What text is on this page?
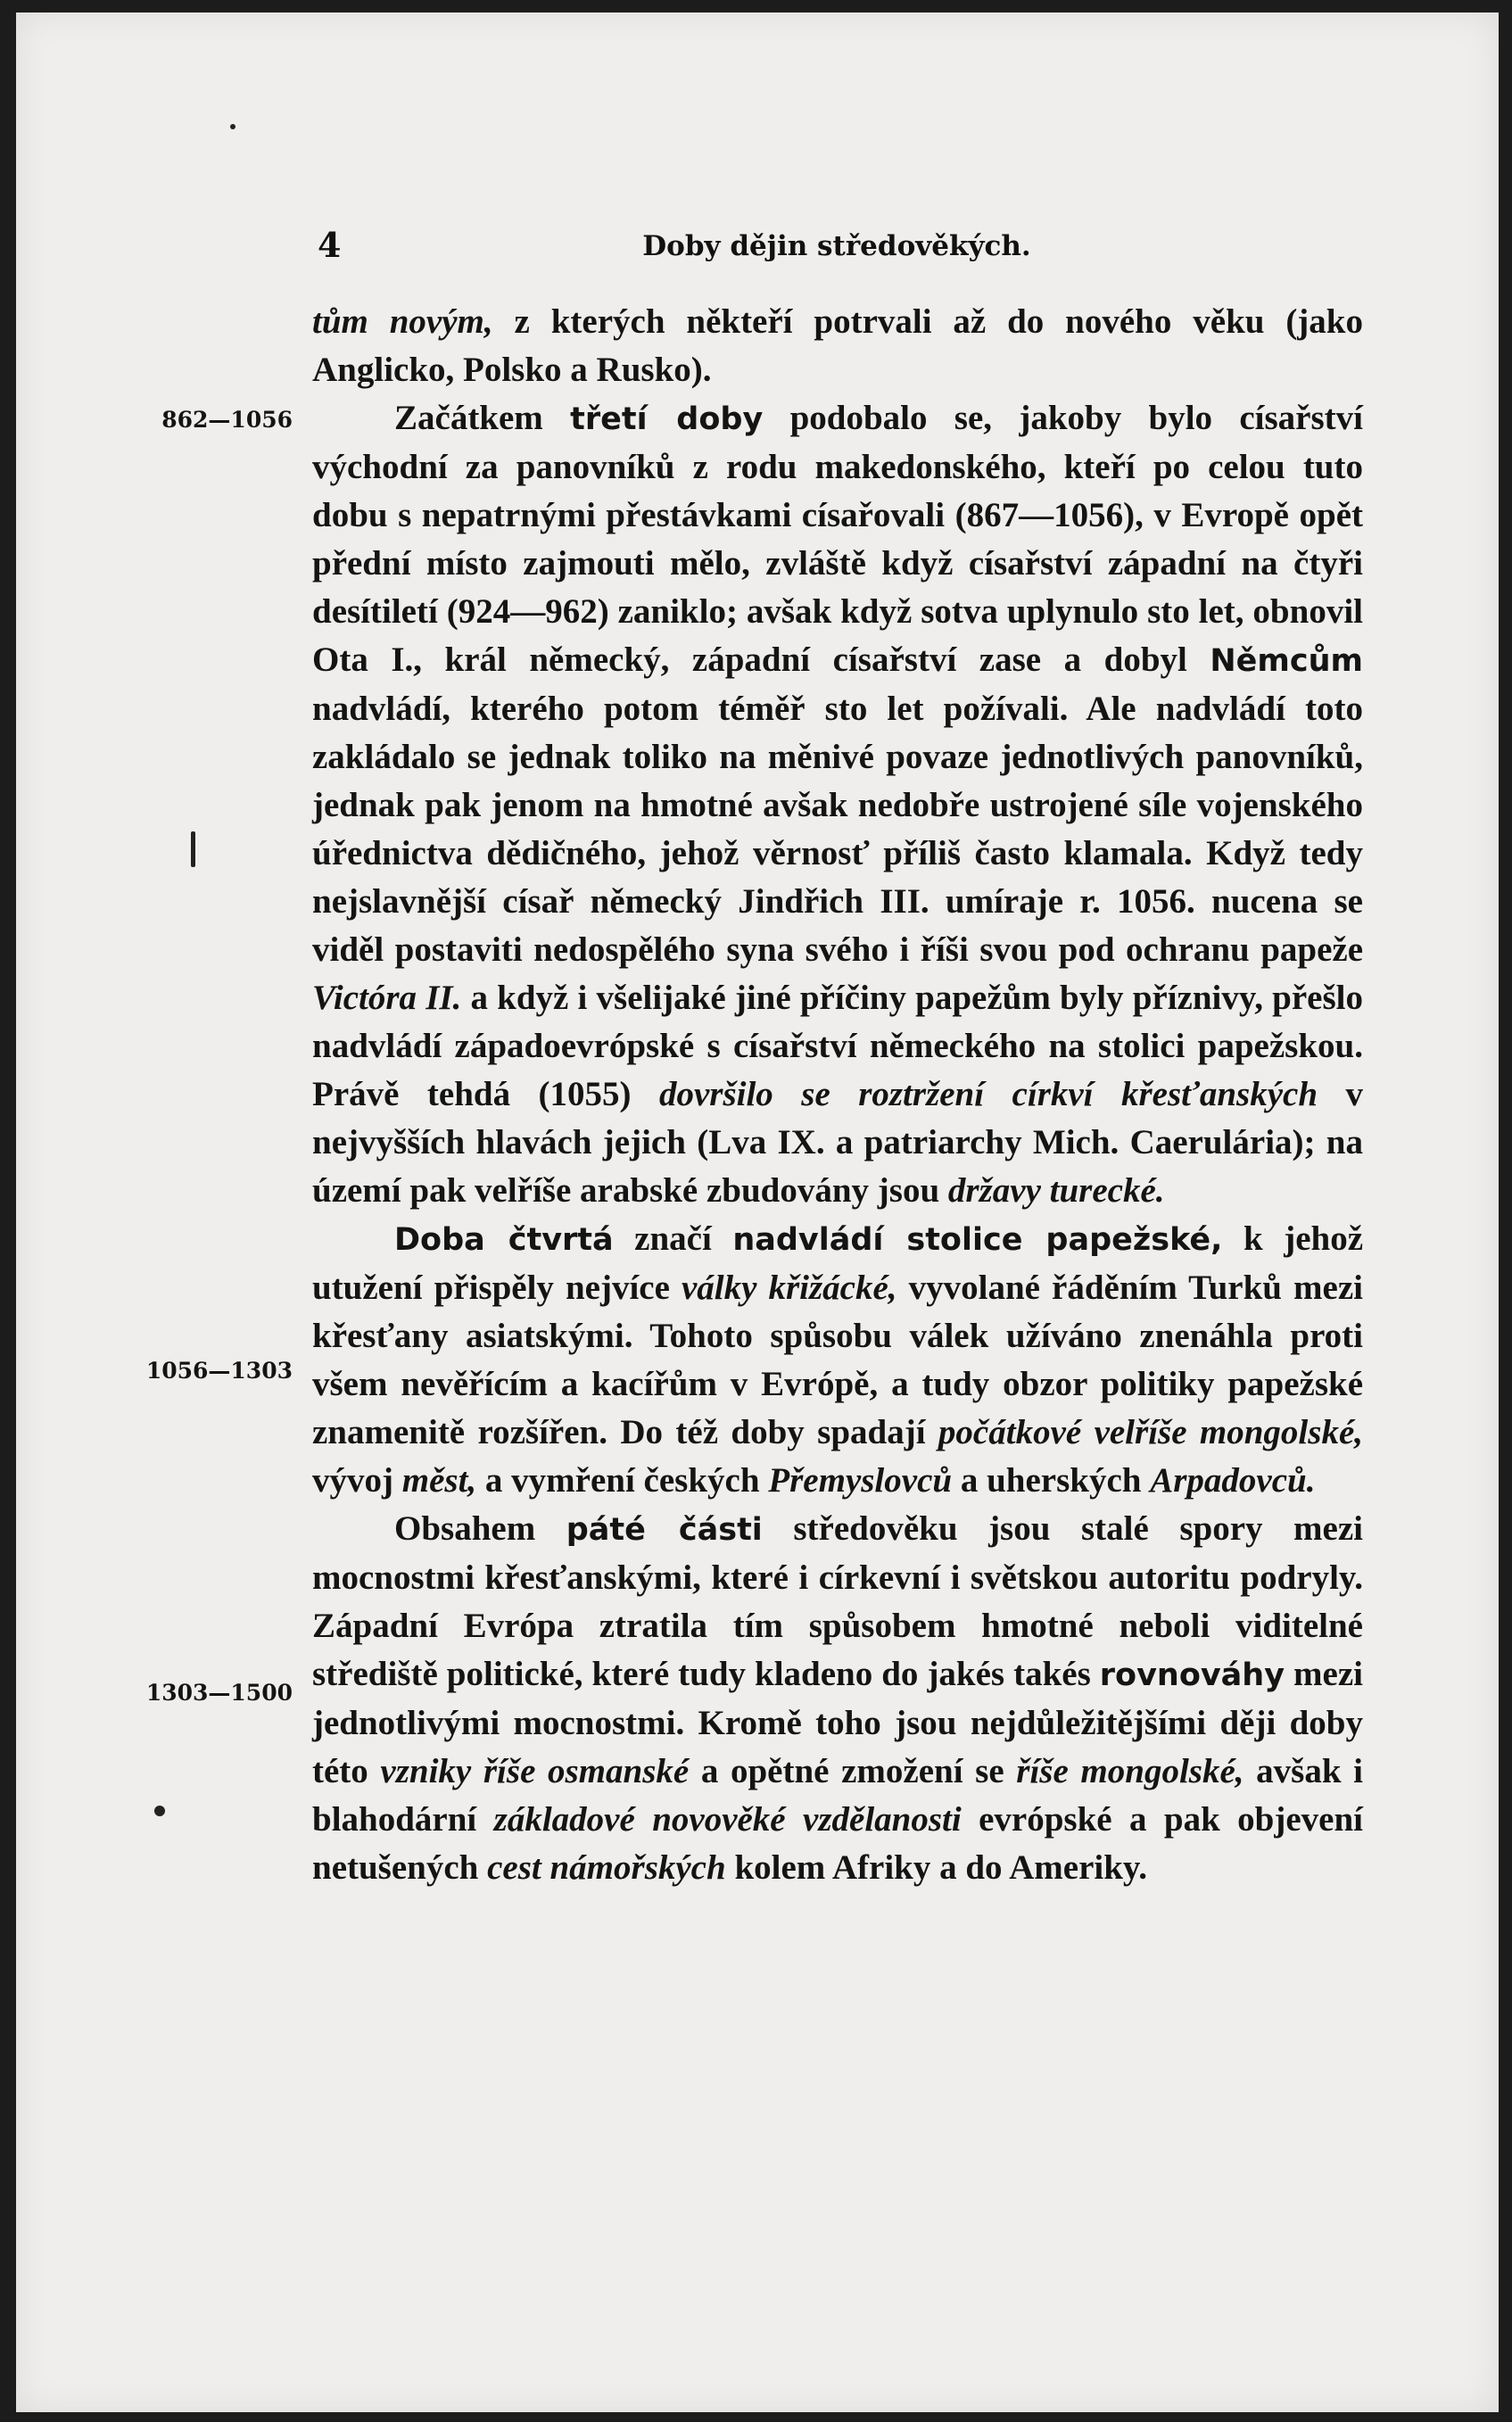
4	Doby dějin středověkých.
862—1056
1056—1303
1303—1500

tům novým, z kterých někteří potrvali až do nového věku (jako Anglicko, Polsko a Rusko).

Začátkem třetí doby podobalo se, jakoby bylo císařství východní za panovníků z rodu makedonského, kteří po celou tuto dobu s nepatrnými přestávkami císařovali (867—1056), v Evropě opět přední místo zajmouti mělo, zvláště když císařství západní na čtyři desítiletí (924—962) zaniklo; avšak když sotva uplynulo sto let, obnovil Ota I., král německý, západní císařství zase a dobyl Němcům nadvládí, kterého potom téměř sto let požívali. Ale nadvládí toto zakládalo se jednak toliko na měnivé povaze jednotlivých panovníků, jednak pak jenom na hmotné avšak nedobře ustrojené síle vojenského úřednictva dědičného, jehož věrnosť příliš často klamala. Když tedy nejslavnější císař německý Jindřich III. umíraje r. 1056. nucena se viděl postaviti nedospělého syna svého i říši svou pod ochranu papeže Victóra II. a když i všelijaké jiné příčiny papežům byly příznivy, přešlo nadvládí západoevrópské s císařství německého na stolici papežskou. Právě tehdá (1055) dovršilo se roztržení církví křesťanských v nejvyšších hlavách jejich (Lva IX. a patriarchy Mich. Caerulária); na území pak velříše arabské zbudovány jsou državy turecké.

Doba čtvrtá značí nadvládí stolice papežské, k jehož utužení přispěly nejvíce války křižácké, vyvolané řáděním Turků mezi křesťany asiatskými. Tohoto spůsobu válek užíváno znenáhla proti všem nevěřícím a kacířům v Evrópě, a tudy obzor politiky papežské znamenitě rozšířen. Do též doby spadají počátkové velříše mongolské, vývoj měst, a vymření českých Přemyslovců a uherských Arpadovců.

Obsahem páté části středověku jsou stalé spory mezi mocnostmi křesťanskými, které i církevní i světskou autoritu podryly. Západní Evrópa ztratila tím spůsobem hmotné neboli viditelné střediště politické, které tudy kladeno do jakés takés rovnováhy mezi jednotlivými mocnostmi. Kromě toho jsou nejdůležitějšími ději doby této vzniky říše osmanské a opětné zmožení se říše mongolské, avšak i blahodární základové novověké vzdělanosti evrópské a pak objevení netušených cest námořských kolem Afriky a do Ameriky.
